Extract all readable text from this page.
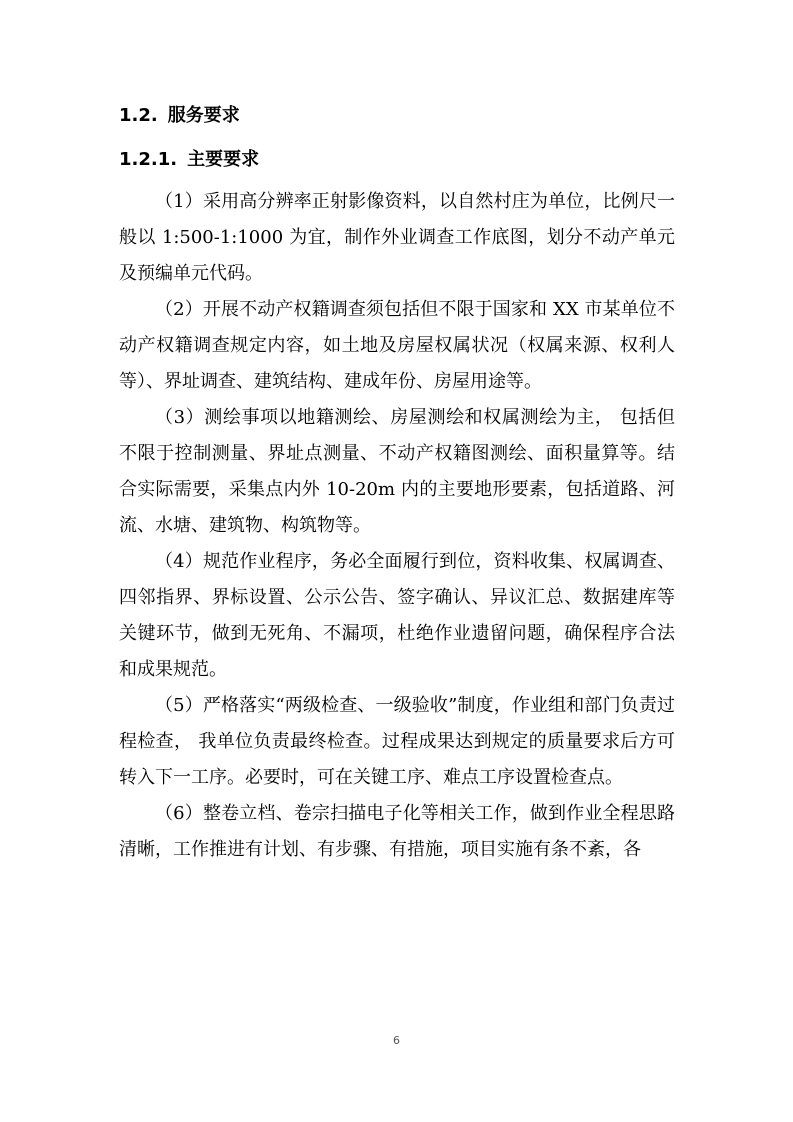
1.2. 服务要求
1.2.1. 主要要求

（1）采用高分辨率正射影像资料，以自然村庄为单位，比例尺一般以 1:500-1:1000 为宜，制作外业调查工作底图，划分不动产单元及预编单元代码。

（2）开展不动产权籍调查须包括但不限于国家和 XX 市某单位不动产权籍调查规定内容，如土地及房屋权属状况（权属来源、权利人等）、界址调查、建筑结构、建成年份、房屋用途等。

（3）测绘事项以地籍测绘、房屋测绘和权属测绘为主， 包括但不限于控制测量、界址点测量、不动产权籍图测绘、面积量算等。结合实际需要，采集点内外 10-20m 内的主要地形要素，包括道路、河流、水塘、建筑物、构筑物等。

（4）规范作业程序，务必全面履行到位，资料收集、权属调查、四邻指界、界标设置、公示公告、签字确认、异议汇总、数据建库等关键环节，做到无死角、不漏项，杜绝作业遗留问题，确保程序合法和成果规范。

（5）严格落实“两级检查、一级验收”制度，作业组和部门负责过程检查， 我单位负责最终检查。过程成果达到规定的质量要求后方可转入下一工序。必要时，可在关键工序、难点工序设置检查点。

（6）整卷立档、卷宗扫描电子化等相关工作，做到作业全程思路清晰，工作推进有计划、有步骤、有措施，项目实施有条不紊，各

6
